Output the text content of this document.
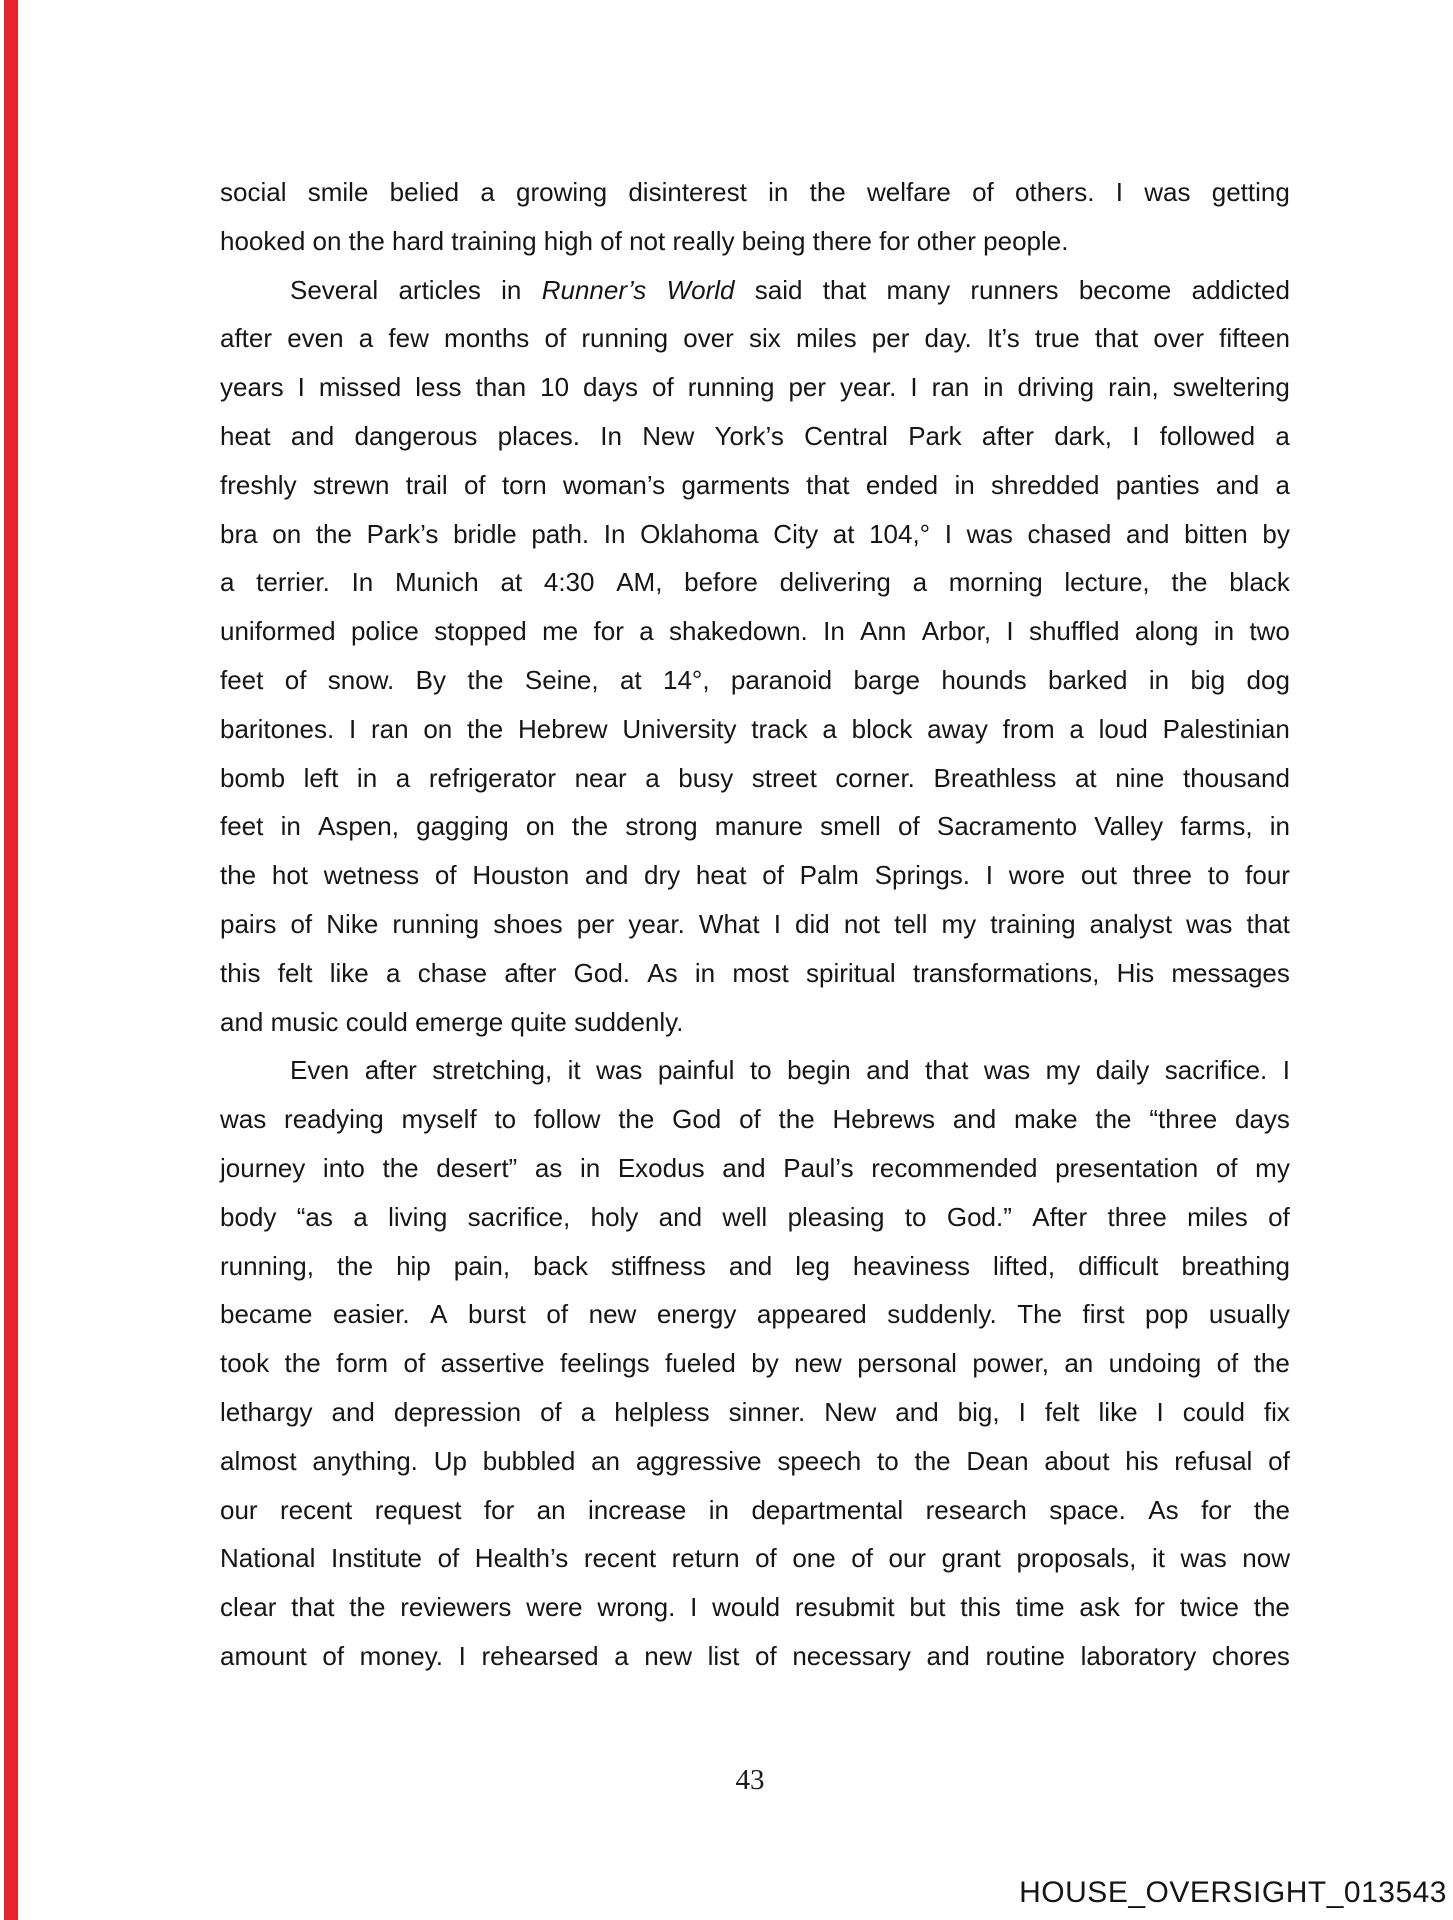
social smile belied a growing disinterest in the welfare of others. I was getting
hooked on the hard training high of not really being there for other people.
Several articles in Runner’s World said that many runners become addicted
after even a few months of running over six miles per day. It’s true that over fifteen
years I missed less than 10 days of running per year. I ran in driving rain, sweltering
heat and dangerous places. In New York’s Central Park after dark, I followed a
freshly strewn trail of torn woman’s garments that ended in shredded panties and a
bra on the Park’s bridle path. In Oklahoma City at 104,° I was chased and bitten by
a terrier. In Munich at 4:30 AM, before delivering a morning lecture, the black
uniformed police stopped me for a shakedown. In Ann Arbor, I shuffled along in two
feet of snow. By the Seine, at 14°, paranoid barge hounds barked in big dog
baritones. I ran on the Hebrew University track a block away from a loud Palestinian
bomb left in a refrigerator near a busy street corner. Breathless at nine thousand
feet in Aspen, gagging on the strong manure smell of Sacramento Valley farms, in
the hot wetness of Houston and dry heat of Palm Springs. I wore out three to four
pairs of Nike running shoes per year. What I did not tell my training analyst was that
this felt like a chase after God. As in most spiritual transformations, His messages
and music could emerge quite suddenly.
Even after stretching, it was painful to begin and that was my daily sacrifice. I
was readying myself to follow the God of the Hebrews and make the “three days
journey into the desert” as in Exodus and Paul’s recommended presentation of my
body “as a living sacrifice, holy and well pleasing to God.” After three miles of
running, the hip pain, back stiffness and leg heaviness lifted, difficult breathing
became easier. A burst of new energy appeared suddenly. The first pop usually
took the form of assertive feelings fueled by new personal power, an undoing of the
lethargy and depression of a helpless sinner. New and big, I felt like I could fix
almost anything. Up bubbled an aggressive speech to the Dean about his refusal of
our recent request for an increase in departmental research space. As for the
National Institute of Health’s recent return of one of our grant proposals, it was now
clear that the reviewers were wrong. I would resubmit but this time ask for twice the
amount of money. I rehearsed a new list of necessary and routine laboratory chores
43
HOUSE_OVERSIGHT_013543
